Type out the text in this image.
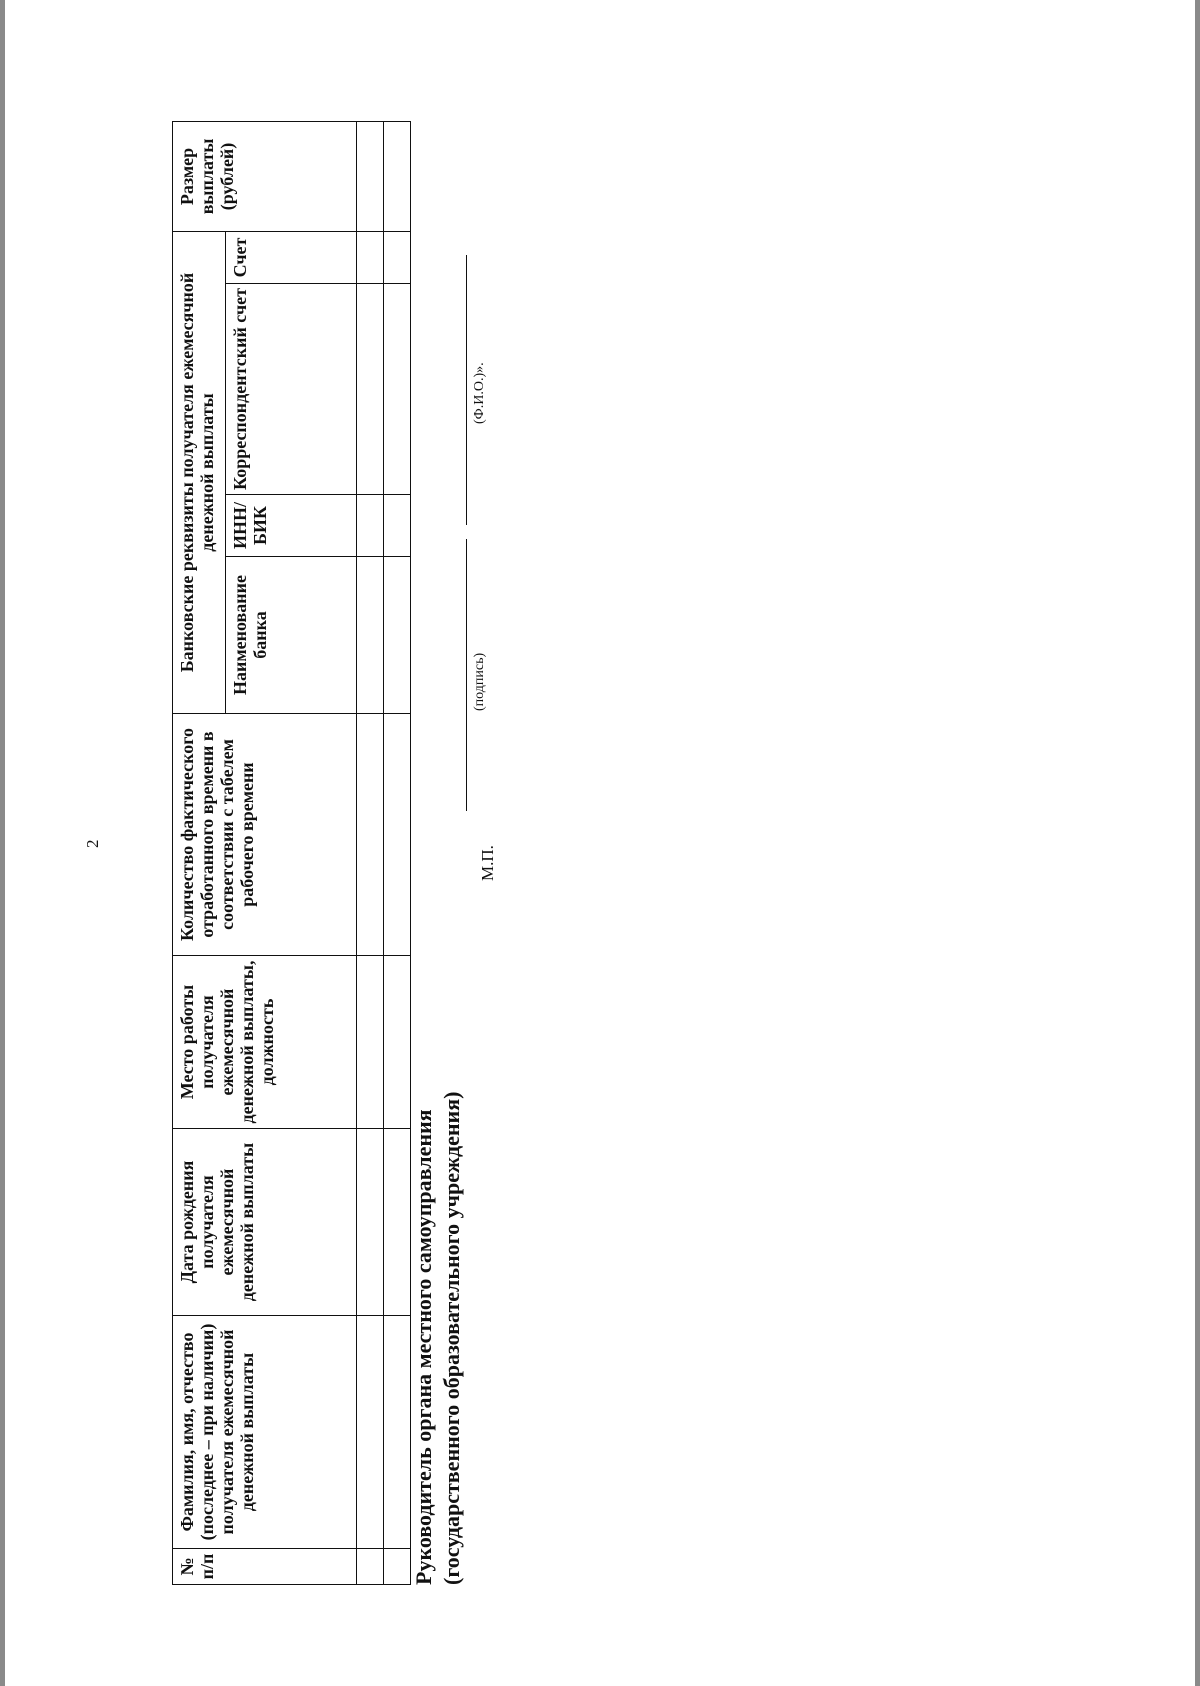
2
№ п/п	Фамилия, имя, отчество (последнее – при наличии) получателя ежемесячной денежной выплаты	Дата рождения получателя ежемесячной денежной выплаты	Место работы получателя ежемесячной денежной выплаты, должность	Количество фактического отработанного времени в соответствии с табелем рабочего времени	Банковские реквизиты получателя ежемесячной денежной выплаты				Размер выплаты (рублей)
					Наименование банка	ИНН/ БИК	Корреспондентский счет	Счет	

Руководитель органа местного самоуправления (государственного образовательного учреждения)
М.П.
(подпись)
(Ф.И.О.)».
